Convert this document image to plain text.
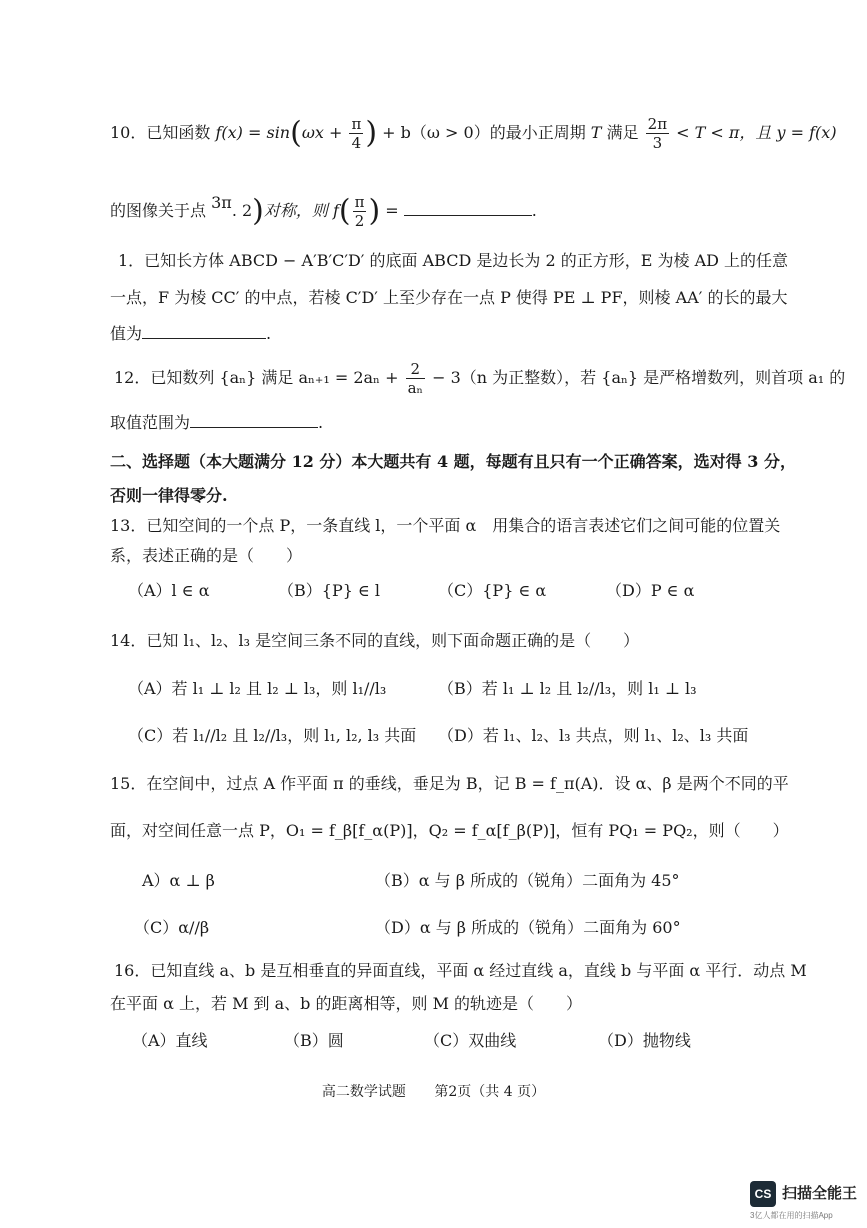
10．已知函数 $f(x) = \sin(\omega x + \frac{\pi}{4}$ ) + b（ω > 0）的最小正周期 T 满足 $\frac{2\pi}{3} < T < \pi$，且 y = f(x)
的图像关于点 3π. 2)对称，则 $f( \frac{\pi}{2}$ ) =	.
1．已知长方体 ABCD − A′B′C′D′ 的底面 ABCD 是边长为 2 的正方形，E 为棱 AD 上的任意
一点，F 为棱 CC′ 的中点，若棱 C′D′ 上至少存在一点 P 使得 PE ⊥ PF，则棱 AA′ 的长的最大
值为	.
12．已知数列 {aₙ} 满足 $a_{n+1} = 2a_n + \frac{2}{\text{aₙ}} - 3(n$ 为正整数），若 {aₙ} 是严格增数列，则首项 a₁ 的
取值范围为	.
二、选择题（本大题满分 12 分）本大题共有 4 题，每题有且只有一个正确答案，选对得 3 分，
否则一律得零分.
13．已知空间的一个点 P，一条直线 l，一个平面 α　用集合的语言表述它们之间可能的位置关
系，表述正确的是（　　）
（A）l ∈ α	（B）{P} ∈ l	（C）{P} ∈ α	（D）P ∈ α
14．已知 l₁、l₂、l₃ 是空间三条不同的直线，则下面命题正确的是（　　）
（A）若 l₁ ⊥ l₂ 且 l₂ ⊥ l₃，则 l₁//l₃	（B）若 l₁ ⊥ l₂ 且 l₂//l₃，则 l₁ ⊥ l₃
（C）若 l₁//l₂ 且 l₂//l₃，则 l₁, l₂, l₃ 共面 （D）若 l₁、l₂、l₃ 共点，则 l₁、l₂、l₃ 共面
15．在空间中，过点 A 作平面 π 的垂线，垂足为 B，记 B = f_π(A)．设 α、β 是两个不同的平
面，对空间任意一点 P，O₁ = f_β[f_α(P)]，Q₂ = f_α[f_β(P)]，恒有 PQ₁ = PQ₂，则（　　）
A）α ⊥ β	（B）α 与 β 所成的（锐角）二面角为 45°
（C）α//β	（D）α 与 β 所成的（锐角）二面角为 60°
16．已知直线 a、b 是互相垂直的异面直线，平面 α 经过直线 a，直线 b 与平面 α 平行．动点 M
在平面 α 上，若 M 到 a、b 的距离相等，则 M 的轨迹是（　　）
（A）直线	（B）圆	（C）双曲线	（D）抛物线
高二数学试题 第2页（共 4 页）
CS 扫描全能王
3亿人都在用的扫描App
